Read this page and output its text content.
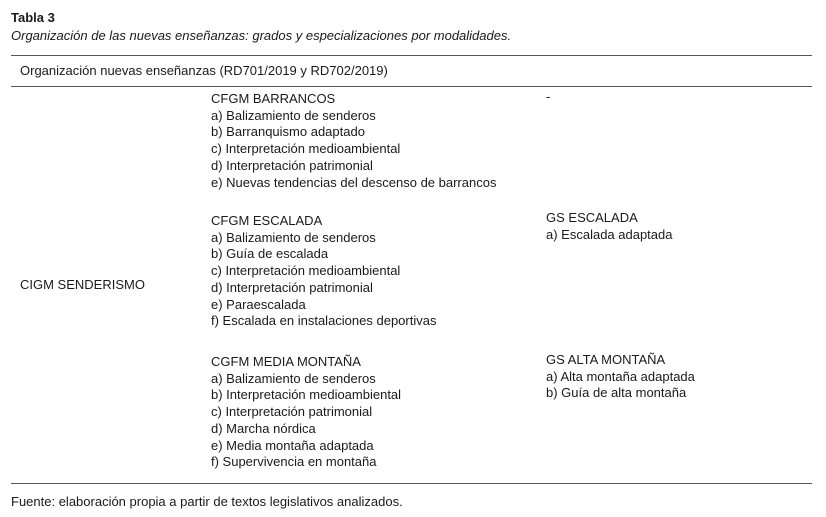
Tabla 3
Organización de las nuevas enseñanzas: grados y especializaciones por modalidades.
Organización nuevas enseñanzas (RD701/2019 y RD702/2019)
CIGM SENDERISMO
CFGM BARRANCOS
a) Balizamiento de senderos
b) Barranquismo adaptado
c) Interpretación medioambiental
d) Interpretación patrimonial
e) Nuevas tendencias del descenso de barrancos
-
CFGM ESCALADA
a) Balizamiento de senderos
b) Guía de escalada
c) Interpretación medioambiental
d) Interpretación patrimonial
e) Paraescalada
f) Escalada en instalaciones deportivas
GS ESCALADA
a) Escalada adaptada
CGFM MEDIA MONTAÑA
a) Balizamiento de senderos
b) Interpretación medioambiental
c) Interpretación patrimonial
d) Marcha nórdica
e) Media montaña adaptada
f) Supervivencia en montaña
GS ALTA MONTAÑA
a) Alta montaña adaptada
b) Guía de alta montaña
Fuente: elaboración propia a partir de textos legislativos analizados.
